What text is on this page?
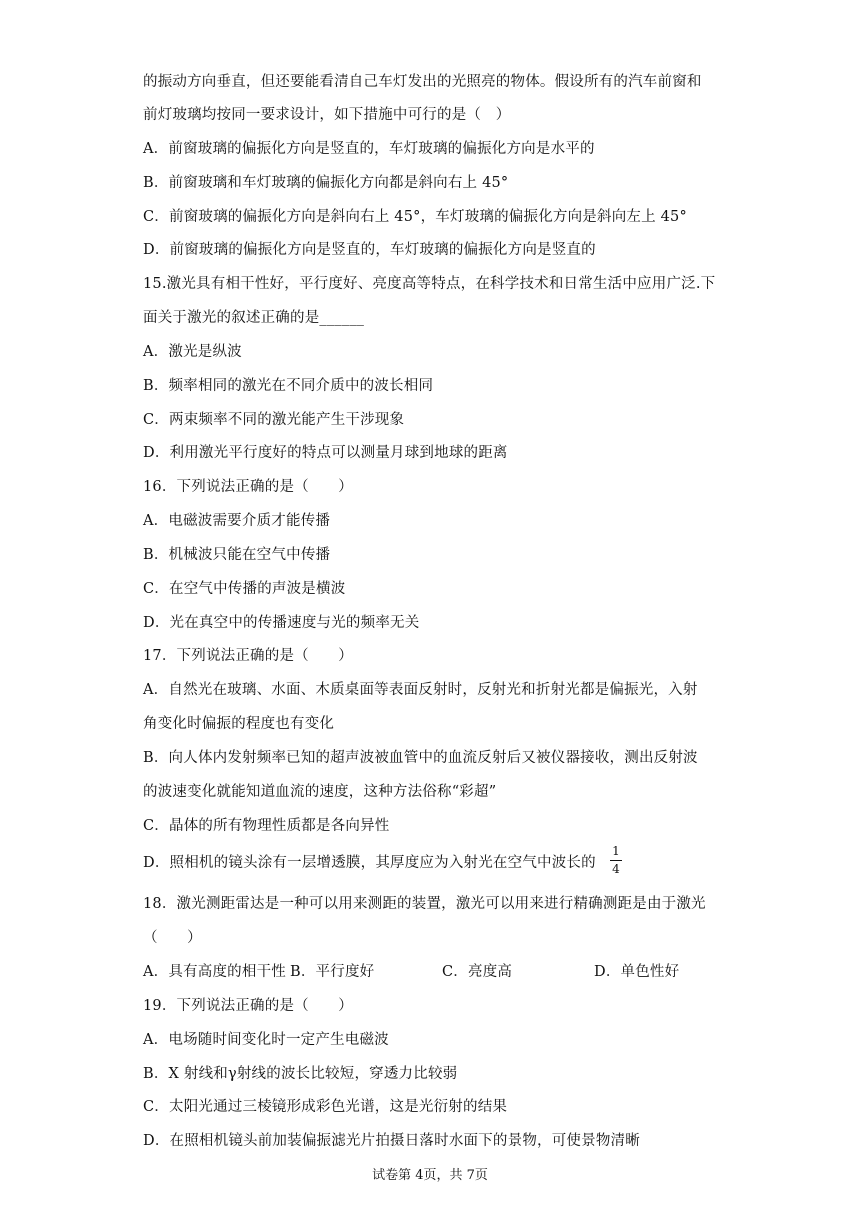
的振动方向垂直，但还要能看清自己车灯发出的光照亮的物体。假设所有的汽车前窗和
前灯玻璃均按同一要求设计，如下措施中可行的是（　）
A．前窗玻璃的偏振化方向是竖直的，车灯玻璃的偏振化方向是水平的
B．前窗玻璃和车灯玻璃的偏振化方向都是斜向右上 45°
C．前窗玻璃的偏振化方向是斜向右上 45°，车灯玻璃的偏振化方向是斜向左上 45°
D．前窗玻璃的偏振化方向是竖直的，车灯玻璃的偏振化方向是竖直的
15.激光具有相干性好，平行度好、亮度高等特点，在科学技术和日常生活中应用广泛.下
面关于激光的叙述正确的是______
A．激光是纵波
B．频率相同的激光在不同介质中的波长相同
C．两束频率不同的激光能产生干涉现象
D．利用激光平行度好的特点可以测量月球到地球的距离
16．下列说法正确的是（　　）
A．电磁波需要介质才能传播
B．机械波只能在空气中传播
C．在空气中传播的声波是横波
D．光在真空中的传播速度与光的频率无关
17．下列说法正确的是（　　）
A．自然光在玻璃、水面、木质桌面等表面反射时，反射光和折射光都是偏振光，入射
角变化时偏振的程度也有变化
B．向人体内发射频率已知的超声波被血管中的血流反射后又被仪器接收，测出反射波
的波速变化就能知道血流的速度，这种方法俗称“彩超”
C．晶体的所有物理性质都是各向异性
D．照相机的镜头涂有一层增透膜，其厚度应为入射光在空气中波长的
1
4
18．激光测距雷达是一种可以用来测距的装置，激光可以用来进行精确测距是由于激光
（　　）
A．具有高度的相干性 B．平行度好	C．亮度高	D．单色性好
19．下列说法正确的是（　　）
A．电场随时间变化时一定产生电磁波
B．X 射线和γ射线的波长比较短，穿透力比较弱
C．太阳光通过三棱镜形成彩色光谱，这是光衍射的结果
D．在照相机镜头前加装偏振滤光片拍摄日落时水面下的景物，可使景物清晰
试卷第 4页，共 7页
